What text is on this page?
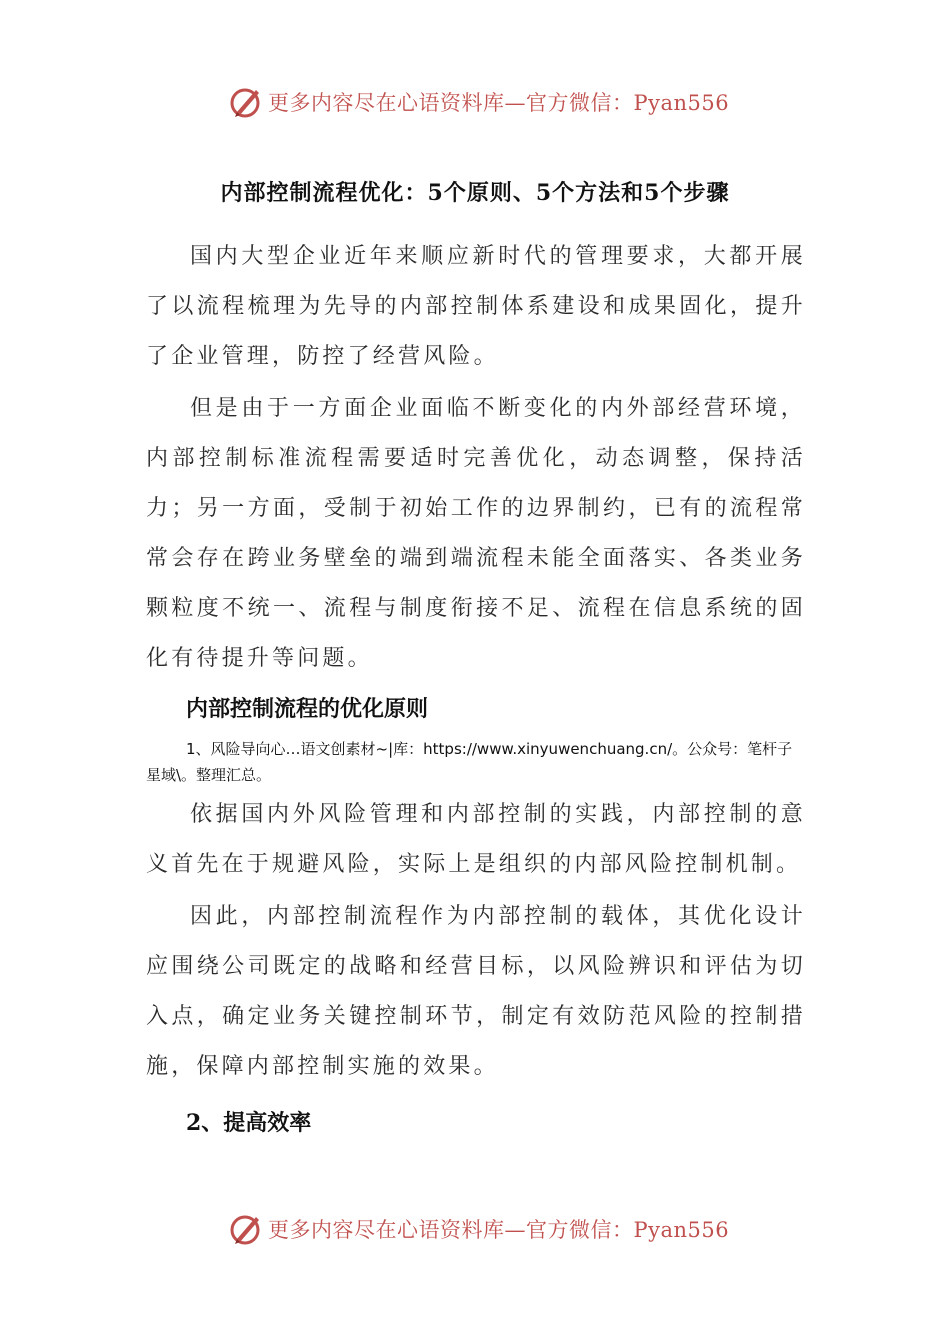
更多内容尽在心语资料库—官方微信：Pyan556
内部控制流程优化：5个原则、5个方法和5个步骤

国内大型企业近年来顺应新时代的管理要求，大都开展了以流程梳理为先导的内部控制体系建设和成果固化，提升了企业管理，防控了经营风险。

但是由于一方面企业面临不断变化的内外部经营环境，内部控制标准流程需要适时完善优化，动态调整，保持活力；另一方面，受制于初始工作的边界制约，已有的流程常常会存在跨业务壁垒的端到端流程未能全面落实、各类业务颗粒度不统一、流程与制度衔接不足、流程在信息系统的固化有待提升等问题。

内部控制流程的优化原则

1、风险导向心…语文创素材~|库：https://www.xinyuwenchuang.cn/。公众号：笔杆子星域\。整理汇总。

依据国内外风险管理和内部控制的实践，内部控制的意义首先在于规避风险，实际上是组织的内部风险控制机制。

因此，内部控制流程作为内部控制的载体，其优化设计应围绕公司既定的战略和经营目标，以风险辨识和评估为切入点，确定业务关键控制环节，制定有效防范风险的控制措施，保障内部控制实施的效果。

2、提高效率

更多内容尽在心语资料库—官方微信：Pyan556
